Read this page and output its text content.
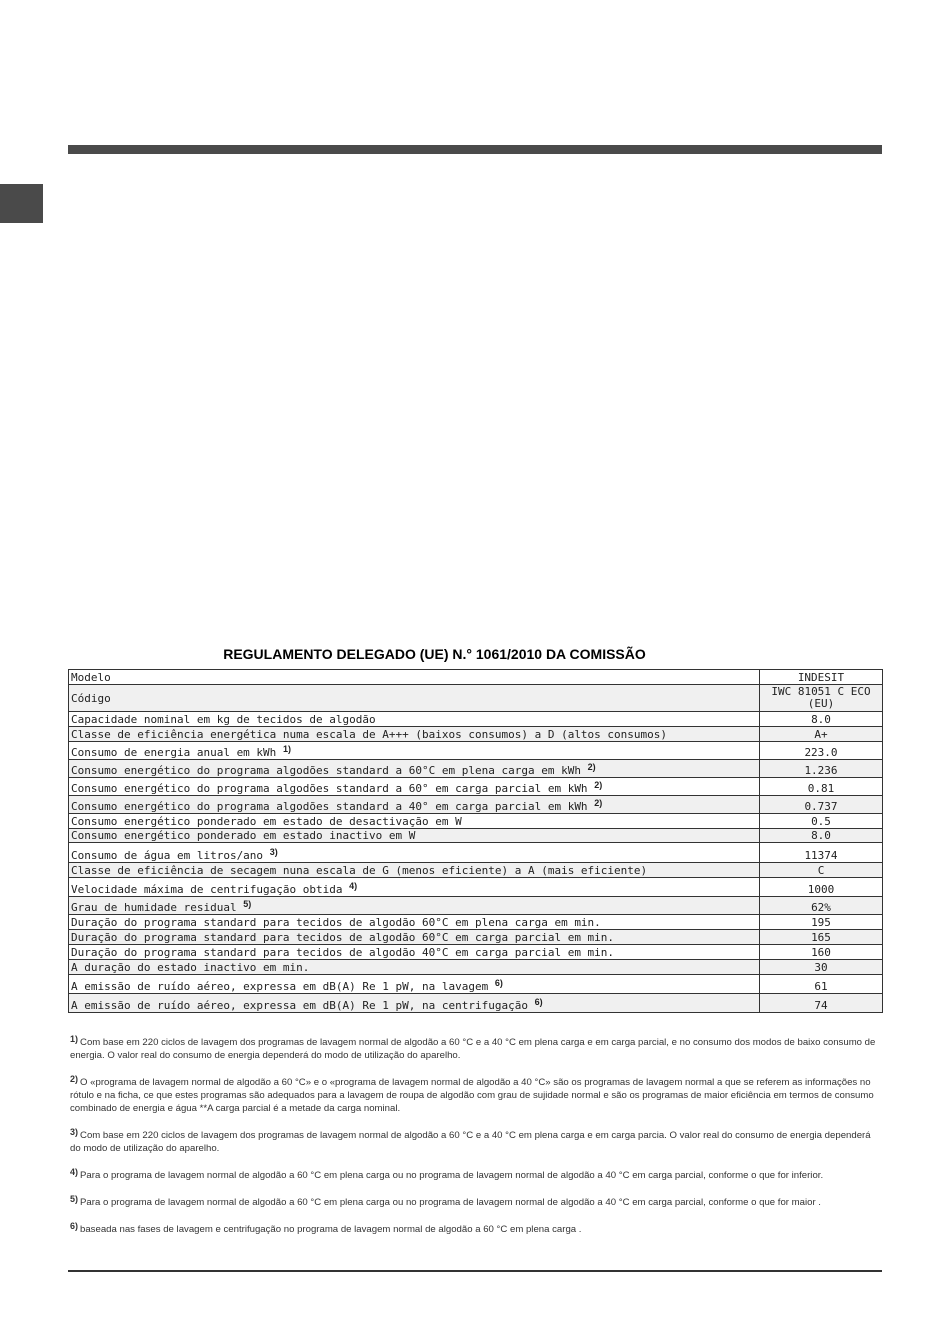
REGULAMENTO DELEGADO (UE) N.° 1061/2010 DA COMISSÃO
Modelo	INDESIT
Código	IWC 81051 C ECO (EU)
Capacidade nominal em kg de tecidos de algodão	8.0
Classe de eficiência energética numa escala de A+++ (baixos consumos) a D (altos consumos)	A+
Consumo de energia anual em kWh $^{1)}$	223.0
Consumo energético do programa algodões standard a 60°C em plena carga em kWh $^{2)}$	1.236
Consumo energético do programa algodões standard a 60° em carga parcial em kWh $^{2)}$	0.81
Consumo energético do programa algodões standard a 40° em carga parcial em kWh $^{2)}$	0.737
Consumo energético ponderado em estado de desactivação em W	0.5
Consumo energético ponderado em estado inactivo em W	8.0
Consumo de água em litros/ano $^{3)}$	11374
Classe de eficiência de secagem nuna escala de G (menos eficiente) a A (mais eficiente)	C
Velocidade máxima de centrifugação obtida $^{4)}$	1000
Grau de humidade residual $^{5)}$	62%
Duração do programa standard para tecidos de algodão 60°C em plena carga em min.	195
Duração do programa standard para tecidos de algodão 60°C em carga parcial em min.	165
Duração do programa standard para tecidos de algodão 40°C em carga parcial em min.	160
A duração do estado inactivo em min.	30
A emissão de ruído aéreo, expressa em dB(A) Re 1 pW, na lavagem $^{6)}$	61
A emissão de ruído aéreo, expressa em dB(A) Re 1 pW, na centrifugação $^{6)}$	74

$^{1)}$ Com base em 220 ciclos de lavagem dos programas de lavagem normal de algodão a 60 °C e a 40 °C em plena carga e em carga parcial, e no consumo dos modos de baixo consumo de energia. O valor real do consumo de energia dependerá do modo de utilização do aparelho.

$^{2)}$ O «programa de lavagem normal de algodão a 60 °C» e o «programa de lavagem normal de algodão a 40 °C» são os programas de lavagem normal a que se referem as informações no rótulo e na ficha, ce que estes programas são adequados para a lavagem de roupa de algodão com grau de sujidade normal e são os programas de maior eficiência em termos de consumo combinado de energia e água **A carga parcial é a metade da carga nominal.

$^{3)}$ Com base em 220 ciclos de lavagem dos programas de lavagem normal de algodão a 60 °C e a 40 °C em plena carga e em carga parcia. O valor real do consumo de energia dependerá do modo de utilização do aparelho.

$^{4)}$ Para o programa de lavagem normal de algodão a 60 °C em plena carga ou no programa de lavagem normal de algodão a 40 °C em carga parcial, conforme o que for inferior.

$^{5)}$ Para o programa de lavagem normal de algodão a 60 °C em plena carga ou no programa de lavagem normal de algodão a 40 °C em carga parcial, conforme o que for maior .

$^{6)}$ baseada nas fases de lavagem e centrifugação no programa de lavagem normal de algodão a 60 °C em plena carga .
